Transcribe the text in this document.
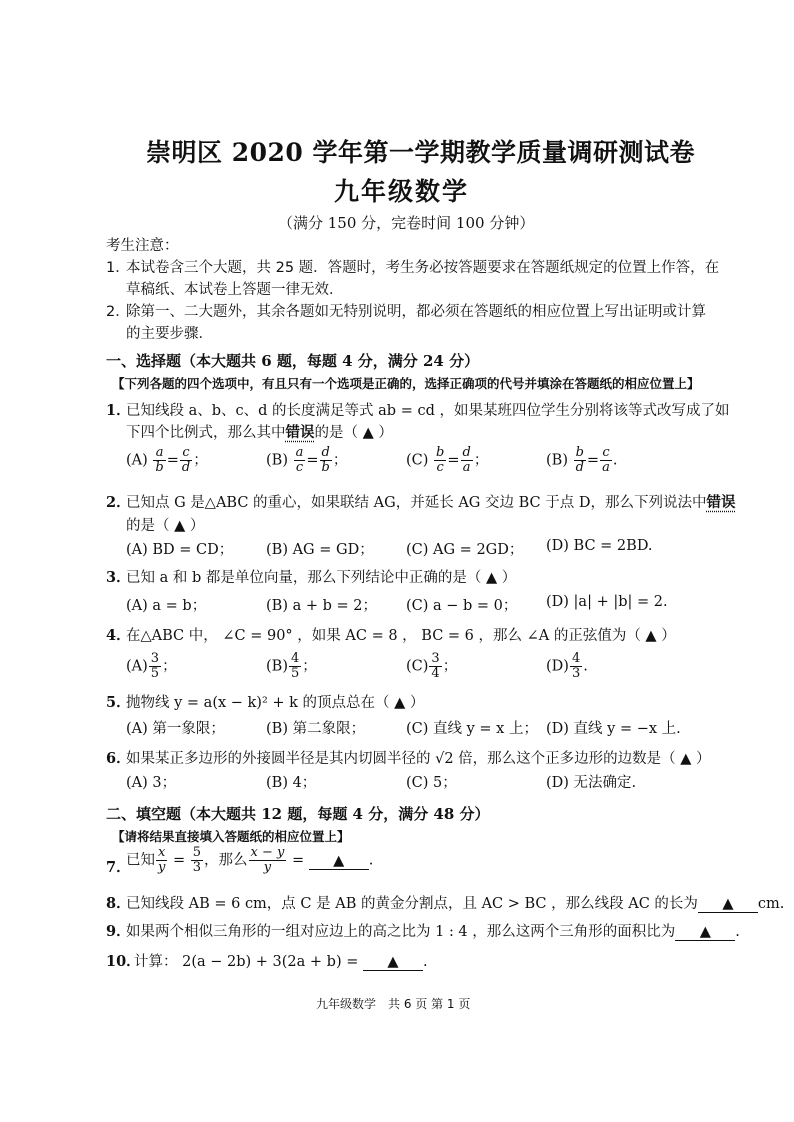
崇明区 2020 学年第一学期教学质量调研测试卷
九年级数学
（满分 150 分，完卷时间 100 分钟）
考生注意：
1．
本试卷含三个大题，共 25 题．答题时，考生务必按答题要求在答题纸规定的位置上作答，在
草稿纸、本试卷上答题一律无效．
2．
除第一、二大题外，其余各题如无特别说明，都必须在答题纸的相应位置上写出证明或计算
的主要步骤．
一、选择题（本大题共 6 题，每题 4 分，满分 24 分）
【下列各题的四个选项中，有且只有一个选项是正确的，选择正确项的代号并填涂在答题纸的相应位置上】
1．
已知线段 a、b、c、d 的长度满足等式 ab = cd ，如果某班四位学生分别将该等式改写成了如
下四个比例式，那么其中错误的是（ ▲ ）
$(A) \frac{a}{b} = \frac{c}{d}$ ；	$(B) \frac{a}{c} = \frac{d}{b}$ ；	$(C) \frac{b}{c} = \frac{d}{a}$ ；	$(B) \frac{b}{d} = \frac{c}{a}$ .
2．
已知点 G 是△ABC 的重心，如果联结 AG，并延长 AG 交边 BC 于点 D，那么下列说法中错误
的是（ ▲ ）
(A) BD = CD； (B) AG = GD； (C) AG = 2GD； (D) BC = 2BD.
3．
已知 a 和 b 都是单位向量，那么下列结论中正确的是（ ▲ ）
(A) a = b；	(B) a + b = 2； (C) a − b = 0； (D) |a| + |b| = 2.
4．
在△ABC 中， ∠C = 90° ，如果 AC = 8 ， BC = 6 ，那么 ∠A 的正弦值为（ ▲ ）
$(A) \frac{3}{5}$ ；	$(B) \frac{4}{5}$ ；	$(C) \frac{3}{4}$ ；	$(D) \frac{4}{3}$ .
5．
抛物线 y = a(x − k)² + k 的顶点总在（ ▲ ）
(A) 第一象限；	(B) 第二象限；	(C) 直线 y = x 上； (D) 直线 y = −x 上.
6．
如果某正多边形的外接圆半径是其内切圆半径的 √2 倍，那么这个正多边形的边数是（ ▲ ）
(A) 3；	(B) 4；	(C) 5；	(D) 无法确定.
二、填空题（本大题共 12 题，每题 4 分，满分 48 分）
【请将结果直接填入答题纸的相应位置上】
7．
已知 $\frac{x}{y} = \frac{5}{3}$ ，那么 $\frac{x - y}{y}$ = ▲ .
8．
已知线段 AB = 6 cm，点 C 是 AB 的黄金分割点，且 AC > BC ，那么线段 AC 的长为 ▲ cm.
9．
如果两个相似三角形的一组对应边上的高之比为 1 : 4 ，那么这两个三角形的面积比为 ▲ .
10．
计算： 2(a − 2b) + 3(2a + b) = ▲ .
九年级数学　共 6 页 第 1 页
